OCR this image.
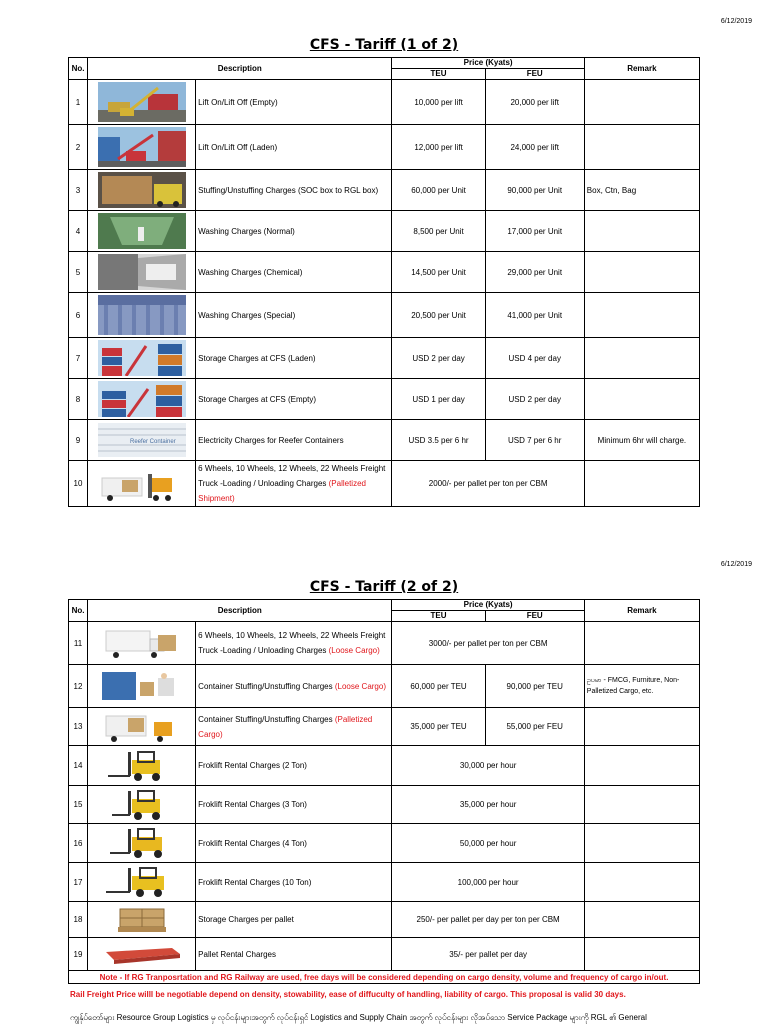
6/12/2019
CFS - Tariff (1 of 2)
No.	Description		Price (Kyats)		Remark
			TEU	FEU	
1		Lift On/Lift Off (Empty)	10,000 per lift	20,000 per lift	
2		Lift On/Lift Off (Laden)	12,000 per lift	24,000 per lift	
3		Stuffing/Unstuffing Charges (SOC box to RGL box)	60,000 per Unit	90,000 per Unit	Box, Ctn, Bag
4		Washing Charges (Normal)	8,500 per Unit	17,000 per Unit	
5		Washing Charges (Chemical)	14,500 per Unit	29,000 per Unit	
6		Washing Charges (Special)	20,500 per Unit	41,000 per Unit	
7		Storage Charges at CFS (Laden)	USD 2 per day	USD 4 per day	
8		Storage Charges at CFS (Empty)	USD 1 per day	USD 2 per day	
9	Reefer Container	Electricity Charges for Reefer Containers	USD 3.5 per 6 hr	USD 7 per 6 hr	Minimum 6hr will charge.
10		6 Wheels, 10 Wheels, 12 Wheels, 22 Wheels Freight Truck -Loading / Unloading Charges (Palletized Shipment)	2000/- per pallet per ton per CBM		
6/12/2019
CFS - Tariff (2 of 2)
No.	Description		Price (Kyats)		Remark
			TEU	FEU	
11		6 Wheels, 10 Wheels, 12 Wheels, 22 Wheels Freight Truck -Loading / Unloading Charges (Loose Cargo)	3000/- per pallet per ton per CBM		
12		Container Stuffing/Unstuffing Charges (Loose Cargo)	60,000 per TEU	90,000 per TEU	ဥပမာ - FMCG, Furniture, Non-Palletized Cargo, etc.
13		Container Stuffing/Unstuffing Charges (Palletized Cargo)	35,000 per TEU	55,000 per FEU	
14		Froklift Rental Charges (2 Ton)	30,000 per hour		
15		Froklift Rental Charges (3 Ton)	35,000 per hour		
16		Froklift Rental Charges (4 Ton)	50,000 per hour		
17		Froklift Rental Charges (10 Ton)	100,000 per hour		
18		Storage Charges per pallet	250/- per pallet per day per ton per CBM		
19		Pallet Rental Charges	35/- per pallet per day		
Note - If RG Tranposrtation and RG Railway are used, free days will be considered depending on cargo density, volume and frequency of cargo in/out.					
Rail Freight Price willl be negotiable depend on density, stowability, ease of diffuculty of handling, liability of cargo. This proposal is valid 30 days.
ကျွန်ုပ်တော်များ Resource Group Logistics မှ လုပ်ငန်းများအတွက် လုပ်ငန်းရှင် Logistics and Supply Chain အတွက် လုပ်ငန်းများ လိုအပ်သော Service Package များကို RGL ၏ General
